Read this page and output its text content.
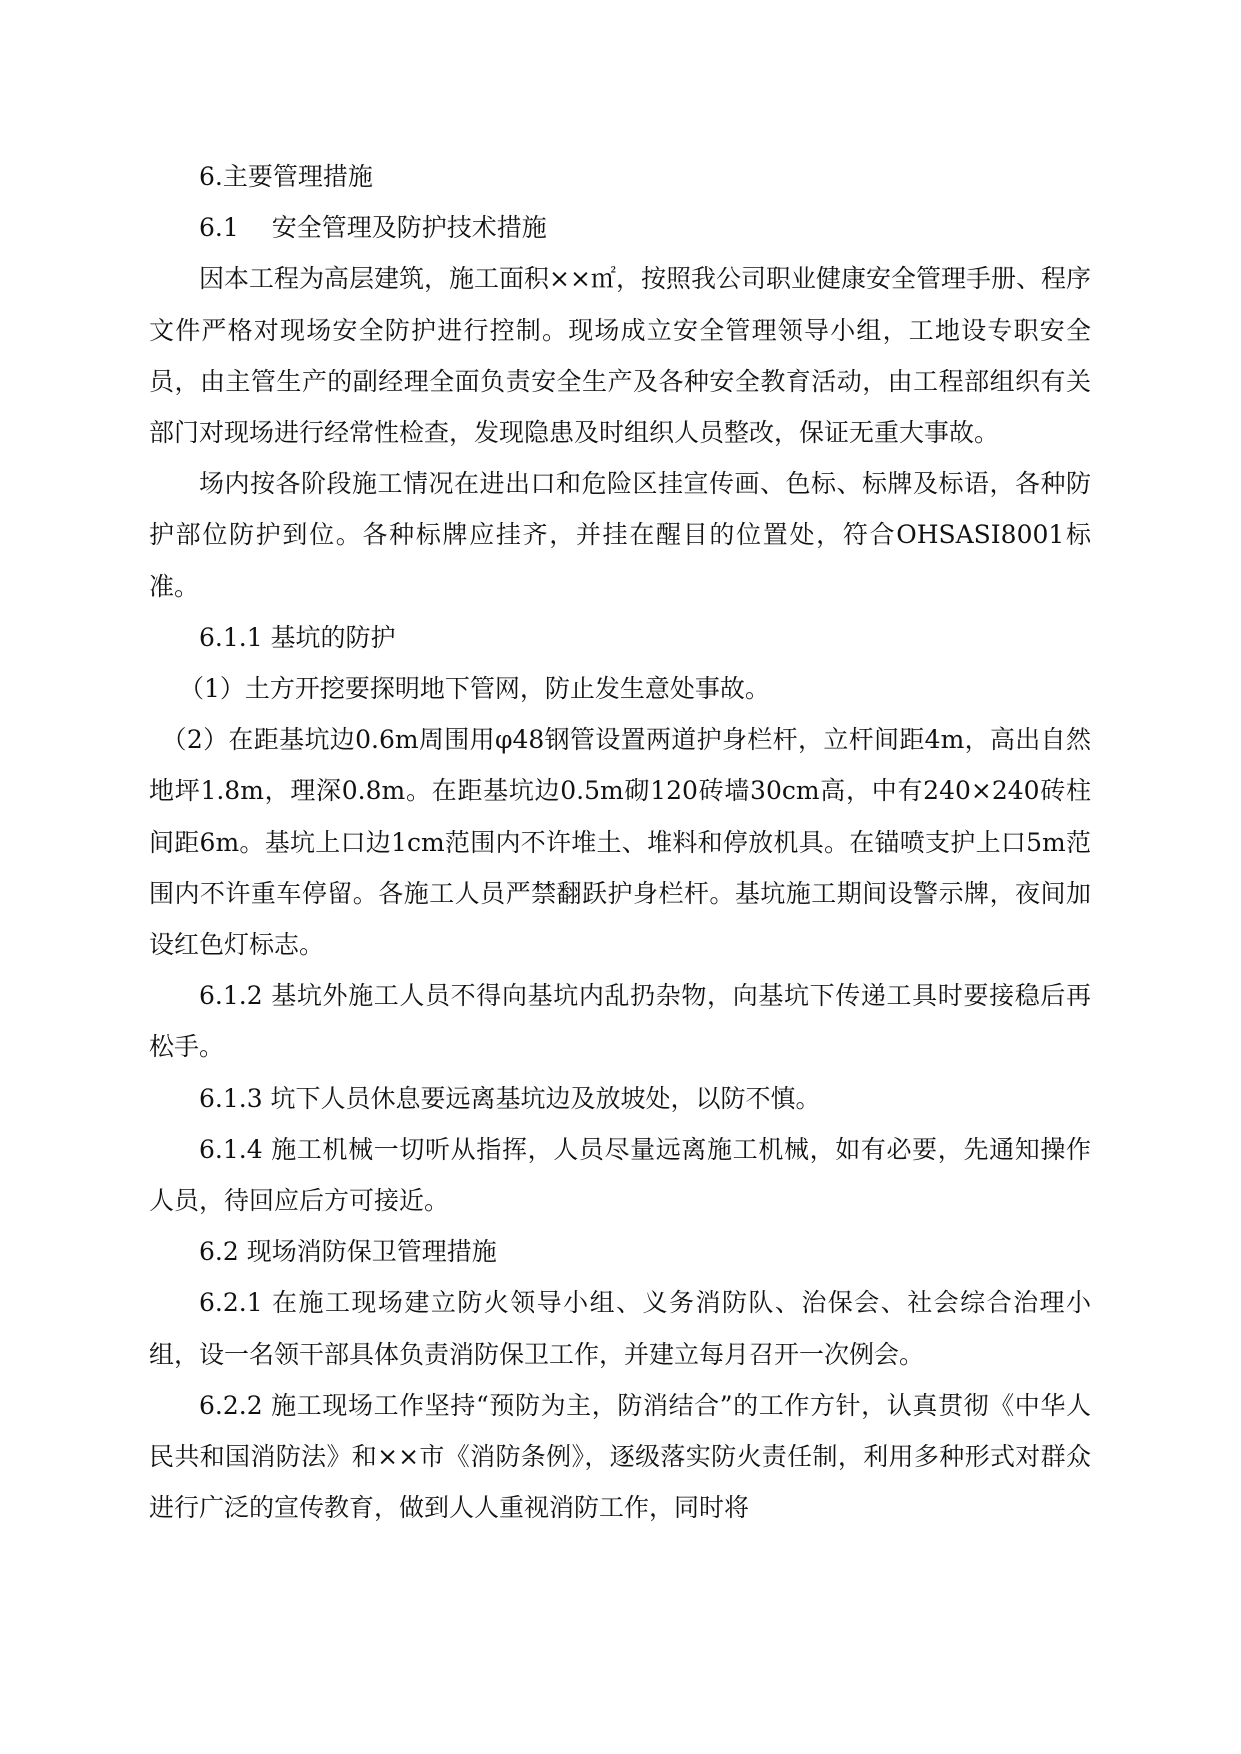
6.主要管理措施

6.1　 安全管理及防护技术措施

因本工程为高层建筑，施工面积××㎡，按照我公司职业健康安全管理手册、程序文件严格对现场安全防护进行控制。现场成立安全管理领导小组，工地设专职安全员，由主管生产的副经理全面负责安全生产及各种安全教育活动，由工程部组织有关部门对现场进行经常性检查，发现隐患及时组织人员整改，保证无重大事故。

场内按各阶段施工情况在进出口和危险区挂宣传画、色标、标牌及标语，各种防护部位防护到位。各种标牌应挂齐，并挂在醒目的位置处，符合OHSASI8001标准。

6.1.1 基坑的防护

（1）土方开挖要探明地下管网，防止发生意处事故。

（2）在距基坑边0.6m周围用φ48钢管设置两道护身栏杆，立杆间距4m，高出自然地坪1.8m，理深0.8m。在距基坑边0.5m砌120砖墙30cm高，中有240×240砖柱间距6m。基坑上口边1cm范围内不许堆土、堆料和停放机具。在锚喷支护上口5m范围内不许重车停留。各施工人员严禁翻跃护身栏杆。基坑施工期间设警示牌，夜间加设红色灯标志。

6.1.2 基坑外施工人员不得向基坑内乱扔杂物，向基坑下传递工具时要接稳后再松手。

6.1.3 坑下人员休息要远离基坑边及放坡处，以防不慎。

6.1.4 施工机械一切听从指挥，人员尽量远离施工机械，如有必要，先通知操作人员，待回应后方可接近。

6.2 现场消防保卫管理措施

6.2.1 在施工现场建立防火领导小组、义务消防队、治保会、社会综合治理小组，设一名领干部具体负责消防保卫工作，并建立每月召开一次例会。

6.2.2 施工现场工作坚持“预防为主，防消结合”的工作方针，认真贯彻《中华人民共和国消防法》和××市《消防条例》，逐级落实防火责任制，利用多种形式对群众进行广泛的宣传教育，做到人人重视消防工作，同时将
